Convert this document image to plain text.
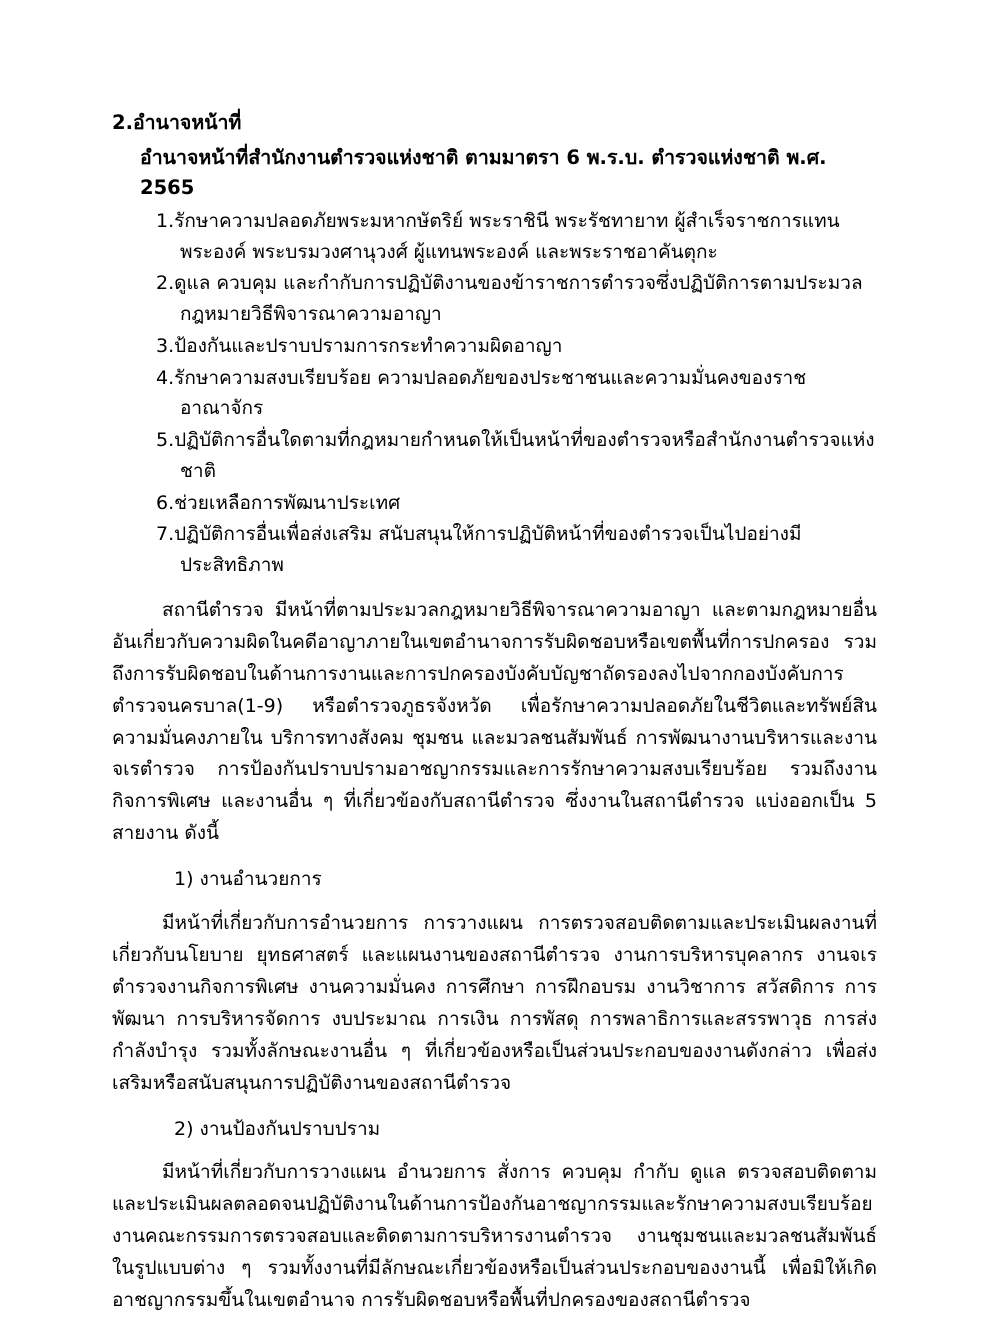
2.อำนาจหน้าที่
อำนาจหน้าที่สำนักงานตำรวจแห่งชาติ ตามมาตรา 6 พ.ร.บ. ตำรวจแห่งชาติ พ.ศ. 2565
1.รักษาความปลอดภัยพระมหากษัตริย์ พระราชินี พระรัชทายาท ผู้สำเร็จราชการแทนพระองค์ พระบรมวงศานุวงศ์ ผู้แทนพระองค์ และพระราชอาคันตุกะ
2.ดูแล ควบคุม และกำกับการปฏิบัติงานของข้าราชการตำรวจซึ่งปฏิบัติการตามประมวลกฎหมายวิธีพิจารณาความอาญา
3.ป้องกันและปราบปรามการกระทำความผิดอาญา
4.รักษาความสงบเรียบร้อย ความปลอดภัยของประชาชนและความมั่นคงของราชอาณาจักร
5.ปฏิบัติการอื่นใดตามที่กฎหมายกำหนดให้เป็นหน้าที่ของตำรวจหรือสำนักงานตำรวจแห่งชาติ
6.ช่วยเหลือการพัฒนาประเทศ
7.ปฏิบัติการอื่นเพื่อส่งเสริม สนับสนุนให้การปฏิบัติหน้าที่ของตำรวจเป็นไปอย่างมีประสิทธิภาพ

สถานีตำรวจ มีหน้าที่ตามประมวลกฎหมายวิธีพิจารณาความอาญา และตามกฎหมายอื่นอันเกี่ยวกับความผิดในคดีอาญาภายในเขตอำนาจการรับผิดชอบหรือเขตพื้นที่การปกครอง รวมถึงการรับผิดชอบในด้านการงานและการปกครองบังคับบัญชาถัดรองลงไปจากกองบังคับการตำรวจนครบาล(1-9) หรือตำรวจภูธรจังหวัด เพื่อรักษาความปลอดภัยในชีวิตและทรัพย์สิน ความมั่นคงภายใน บริการทางสังคม ชุมชน และมวลชนสัมพันธ์ การพัฒนางานบริหารและงานจเรตำรวจ การป้องกันปราบปรามอาชญากรรมและการรักษาความสงบเรียบร้อย รวมถึงงานกิจการพิเศษ และงานอื่น ๆ ที่เกี่ยวข้องกับสถานีตำรวจ ซึ่งงานในสถานีตำรวจ แบ่งออกเป็น 5 สายงาน ดังนี้

1) งานอำนวยการ

มีหน้าที่เกี่ยวกับการอำนวยการ การวางแผน การตรวจสอบติดตามและประเมินผลงานที่เกี่ยวกับนโยบาย ยุทธศาสตร์ และแผนงานของสถานีตำรวจ งานการบริหารบุคลากร งานจเรตำรวจงานกิจการพิเศษ งานความมั่นคง การศึกษา การฝึกอบรม งานวิชาการ สวัสดิการ การพัฒนา การบริหารจัดการ งบประมาณ การเงิน การพัสดุ การพลาธิการและสรรพาวุธ การส่งกำลังบำรุง รวมทั้งลักษณะงานอื่น ๆ ที่เกี่ยวข้องหรือเป็นส่วนประกอบของงานดังกล่าว เพื่อส่งเสริมหรือสนับสนุนการปฏิบัติงานของสถานีตำรวจ

2) งานป้องกันปราบปราม

มีหน้าที่เกี่ยวกับการวางแผน อำนวยการ สั่งการ ควบคุม กำกับ ดูแล ตรวจสอบติดตามและประเมินผลตลอดจนปฏิบัติงานในด้านการป้องกันอาชญากรรมและรักษาความสงบเรียบร้อยงานคณะกรรมการตรวจสอบและติดตามการบริหารงานตำรวจ งานชุมชนและมวลชนสัมพันธ์ในรูปแบบต่าง ๆ รวมทั้งงานที่มีลักษณะเกี่ยวข้องหรือเป็นส่วนประกอบของงานนี้ เพื่อมิให้เกิดอาชญากรรมขึ้นในเขตอำนาจ การรับผิดชอบหรือพื้นที่ปกครองของสถานีตำรวจ
